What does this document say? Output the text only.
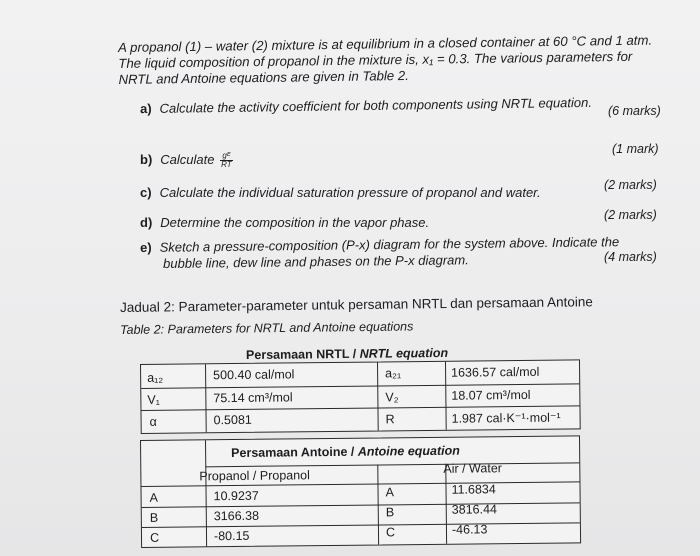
A propanol (1) – water (2) mixture is at equilibrium in a closed container at 60 °C and 1 atm.
The liquid composition of propanol in the mixture is, x₁ = 0.3. The various parameters for
NRTL and Antoine equations are given in Table 2.
a) Calculate the activity coefficient for both components using NRTL equation. (6 marks)
b) Calculate $\frac{\text{gᴱ}}{RT}$
(1 mark)
c) Calculate the individual saturation pressure of propanol and water.	(2 marks)
d) Determine the composition in the vapor phase.	(2 marks)
e) Sketch a pressure-composition (P-x) diagram for the system above. Indicate the
bubble line, dew line and phases on the P-x diagram.	(4 marks)
Jadual 2: Parameter-parameter untuk persaman NRTL dan persamaan Antoine
Table 2: Parameters for NRTL and Antoine equations
Persamaan NRTL / NRTL equation
a₁₂	500.40 cal/mol	a₂₁	1636.57 cal/mol
V₁	75.14 cm³/mol	V₂	18.07 cm³/mol
α	0.5081	R	1.987 cal·K⁻¹·mol⁻¹
Persamaan Antoine / Antoine equation
Propanol / Propanol	Air / Water
A	10.9237	A	11.6834
B	3166.38	B	3816.44
C	-80.15	C	-46.13
